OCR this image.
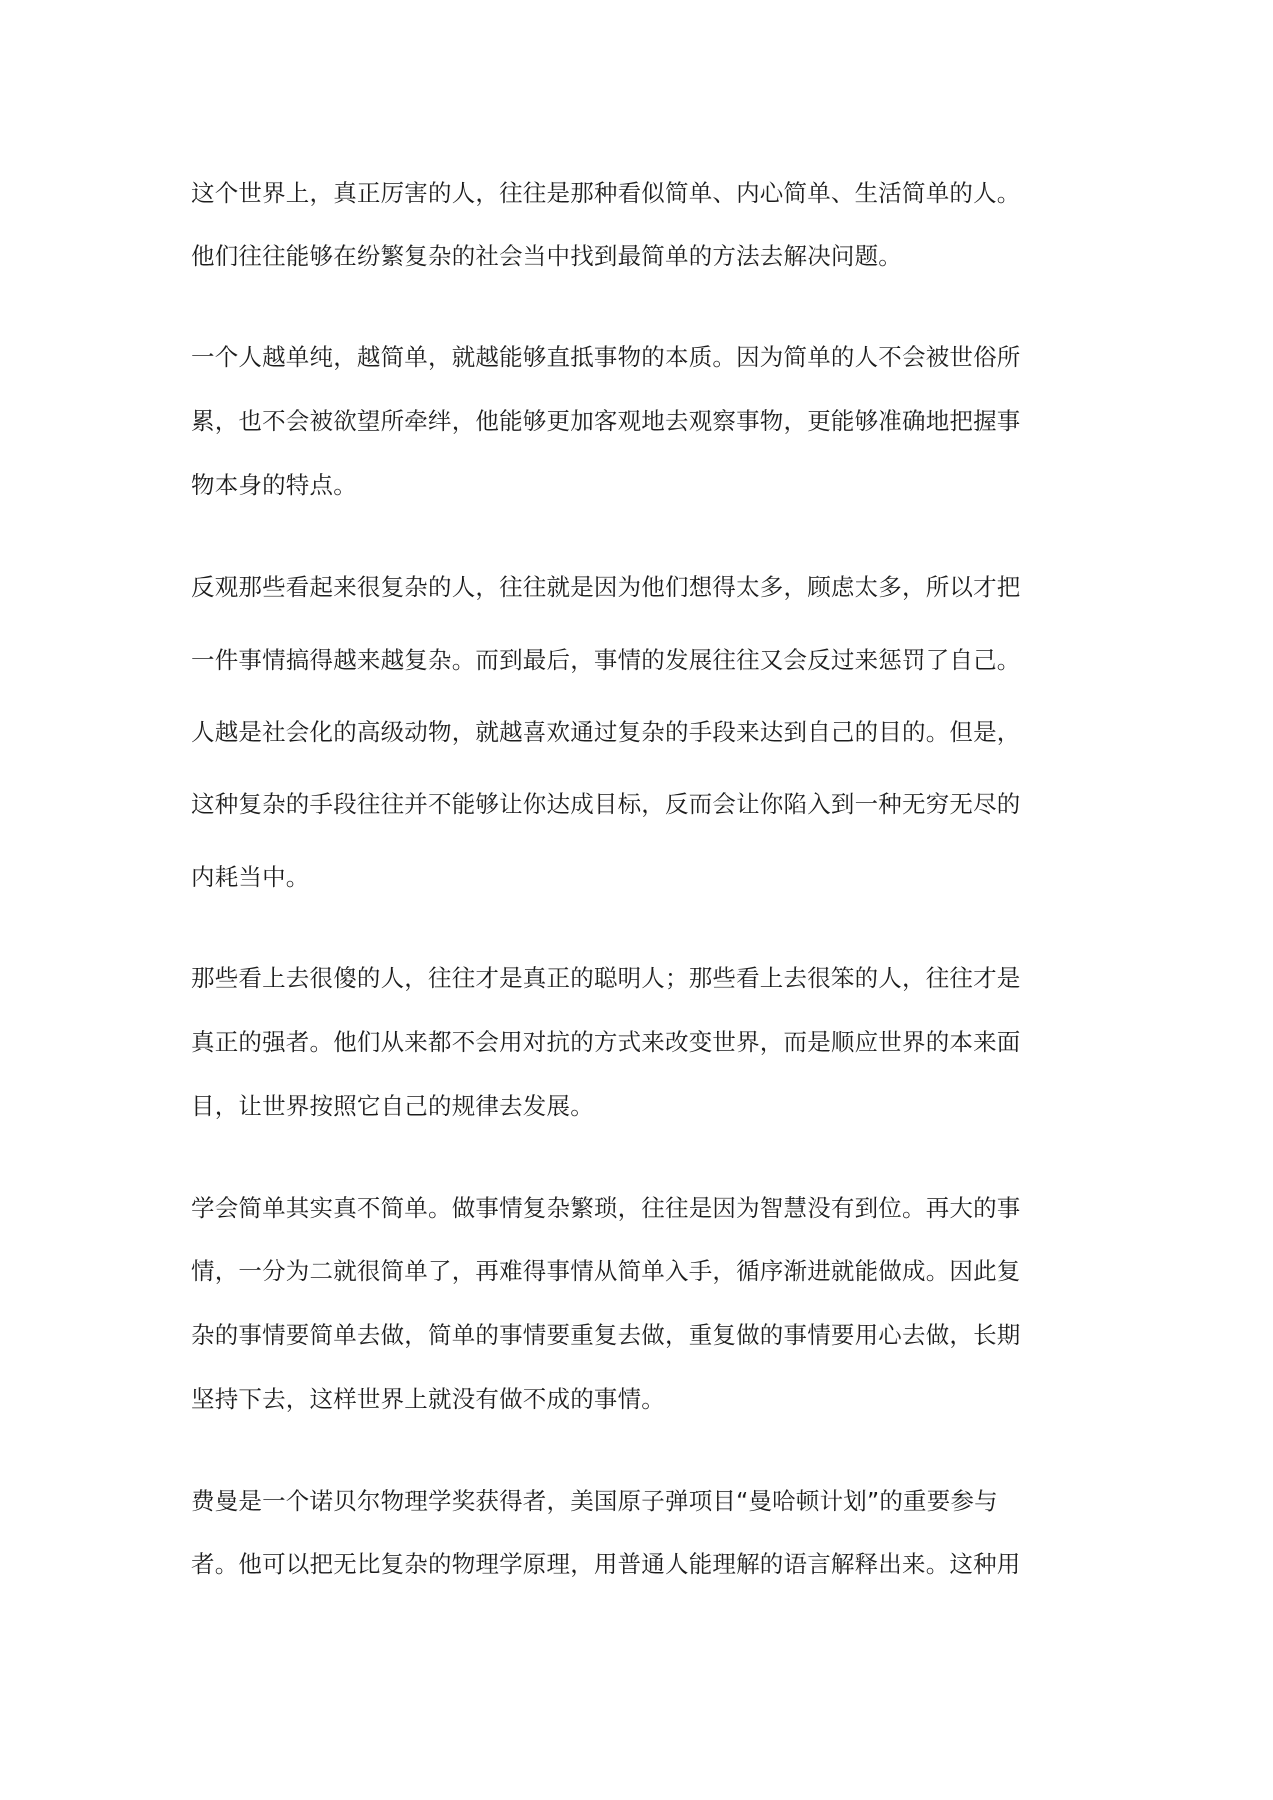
这个世界上，真正厉害的人，往往是那种看似简单、内心简单、生活简单的人。

他们往往能够在纷繁复杂的社会当中找到最简单的方法去解决问题。

一个人越单纯，越简单，就越能够直抵事物的本质。因为简单的人不会被世俗所

累，也不会被欲望所牵绊，他能够更加客观地去观察事物，更能够准确地把握事

物本身的特点。

反观那些看起来很复杂的人，往往就是因为他们想得太多，顾虑太多，所以才把

一件事情搞得越来越复杂。而到最后，事情的发展往往又会反过来惩罚了自己。

人越是社会化的高级动物，就越喜欢通过复杂的手段来达到自己的目的。但是，

这种复杂的手段往往并不能够让你达成目标，反而会让你陷入到一种无穷无尽的

内耗当中。

那些看上去很傻的人，往往才是真正的聪明人；那些看上去很笨的人，往往才是

真正的强者。他们从来都不会用对抗的方式来改变世界，而是顺应世界的本来面

目，让世界按照它自己的规律去发展。

学会简单其实真不简单。做事情复杂繁琐，往往是因为智慧没有到位。再大的事

情，一分为二就很简单了，再难得事情从简单入手，循序渐进就能做成。因此复

杂的事情要简单去做，简单的事情要重复去做，重复做的事情要用心去做，长期

坚持下去，这样世界上就没有做不成的事情。

费曼是一个诺贝尔物理学奖获得者，美国原子弹项目“曼哈顿计划”的重要参与

者。他可以把无比复杂的物理学原理，用普通人能理解的语言解释出来。这种用
